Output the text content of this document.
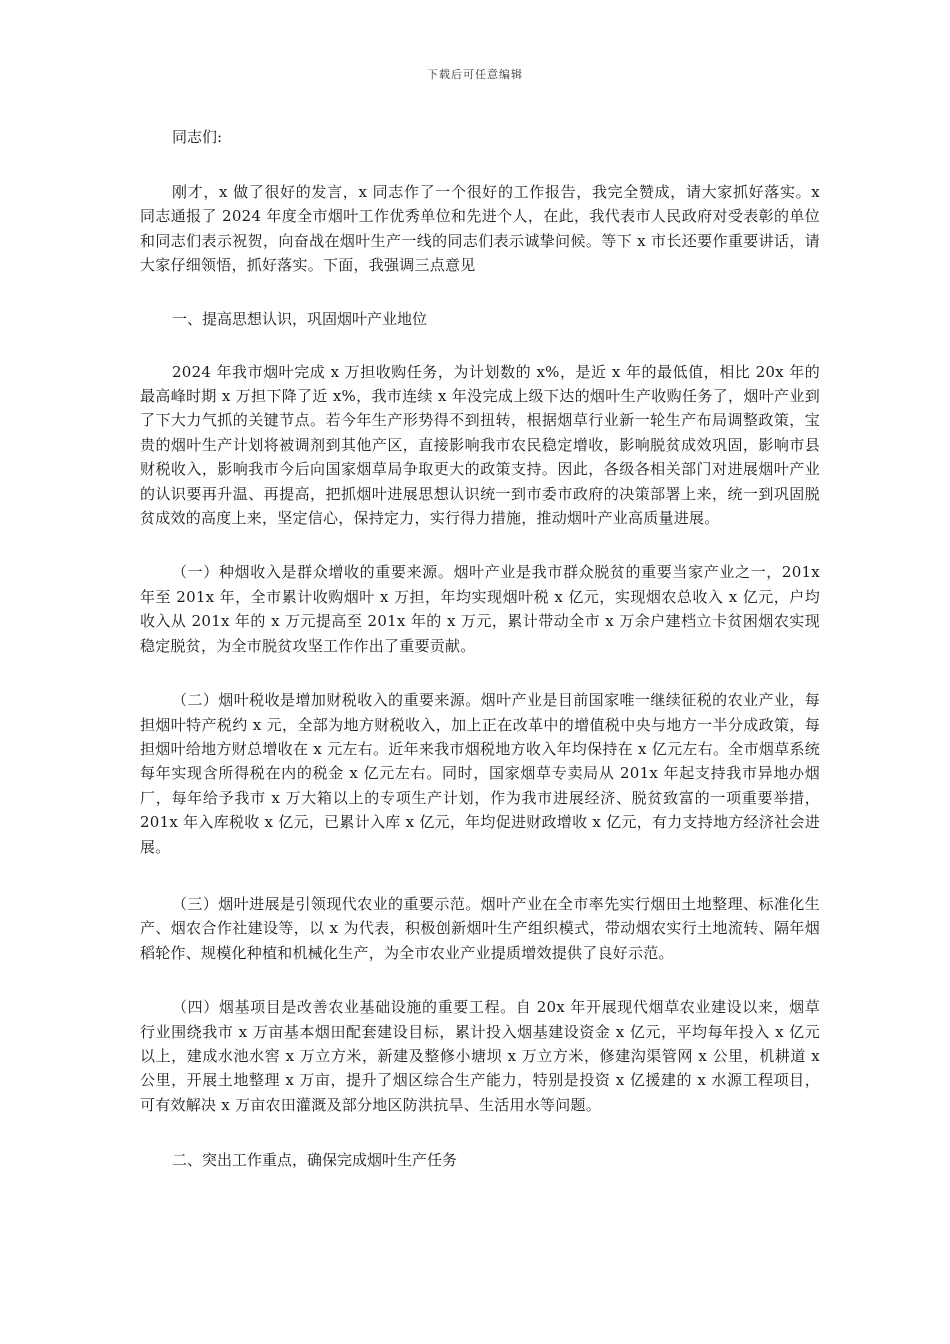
下载后可任意编辑

同志们:

刚才，x 做了很好的发言，x 同志作了一个很好的工作报告，我完全赞成，请大家抓好落实。x 同志通报了 2024 年度全市烟叶工作优秀单位和先进个人，在此，我代表市人民政府对受表彰的单位和同志们表示祝贺，向奋战在烟叶生产一线的同志们表示诚挚问候。等下 x 市长还要作重要讲话，请大家仔细领悟，抓好落实。下面，我强调三点意见

一、提高思想认识，巩固烟叶产业地位

2024 年我市烟叶完成 x 万担收购任务，为计划数的 x%，是近 x 年的最低值，相比 20x 年的最高峰时期 x 万担下降了近 x%，我市连续 x 年没完成上级下达的烟叶生产收购任务了，烟叶产业到了下大力气抓的关键节点。若今年生产形势得不到扭转，根据烟草行业新一轮生产布局调整政策，宝贵的烟叶生产计划将被调剂到其他产区，直接影响我市农民稳定增收，影响脱贫成效巩固，影响市县财税收入，影响我市今后向国家烟草局争取更大的政策支持。因此，各级各相关部门对进展烟叶产业的认识要再升温、再提高，把抓烟叶进展思想认识统一到市委市政府的决策部署上来，统一到巩固脱贫成效的高度上来，坚定信心，保持定力，实行得力措施，推动烟叶产业高质量进展。

（一）种烟收入是群众增收的重要来源。烟叶产业是我市群众脱贫的重要当家产业之一，201x 年至 201x 年，全市累计收购烟叶 x 万担，年均实现烟叶税 x 亿元，实现烟农总收入 x 亿元，户均收入从 201x 年的 x 万元提高至 201x 年的 x 万元，累计带动全市 x 万余户建档立卡贫困烟农实现稳定脱贫，为全市脱贫攻坚工作作出了重要贡献。

（二）烟叶税收是增加财税收入的重要来源。烟叶产业是目前国家唯一继续征税的农业产业，每担烟叶特产税约 x 元，全部为地方财税收入，加上正在改革中的增值税中央与地方一半分成政策，每担烟叶给地方财总增收在 x 元左右。近年来我市烟税地方收入年均保持在 x 亿元左右。全市烟草系统每年实现含所得税在内的税金 x 亿元左右。同时，国家烟草专卖局从 201x 年起支持我市异地办烟厂，每年给予我市 x 万大箱以上的专项生产计划，作为我市进展经济、脱贫致富的一项重要举措，201x 年入库税收 x 亿元，已累计入库 x 亿元，年均促进财政增收 x 亿元，有力支持地方经济社会进展。

（三）烟叶进展是引领现代农业的重要示范。烟叶产业在全市率先实行烟田土地整理、标准化生产、烟农合作社建设等，以 x 为代表，积极创新烟叶生产组织模式，带动烟农实行土地流转、隔年烟稻轮作、规模化种植和机械化生产，为全市农业产业提质增效提供了良好示范。

（四）烟基项目是改善农业基础设施的重要工程。自 20x 年开展现代烟草农业建设以来，烟草行业围绕我市 x 万亩基本烟田配套建设目标，累计投入烟基建设资金 x 亿元，平均每年投入 x 亿元以上，建成水池水窖 x 万立方米，新建及整修小塘坝 x 万立方米，修建沟渠管网 x 公里，机耕道 x 公里，开展土地整理 x 万亩，提升了烟区综合生产能力，特别是投资 x 亿援建的 x 水源工程项目，可有效解决 x 万亩农田灌溉及部分地区防洪抗旱、生活用水等问题。

二、突出工作重点，确保完成烟叶生产任务
